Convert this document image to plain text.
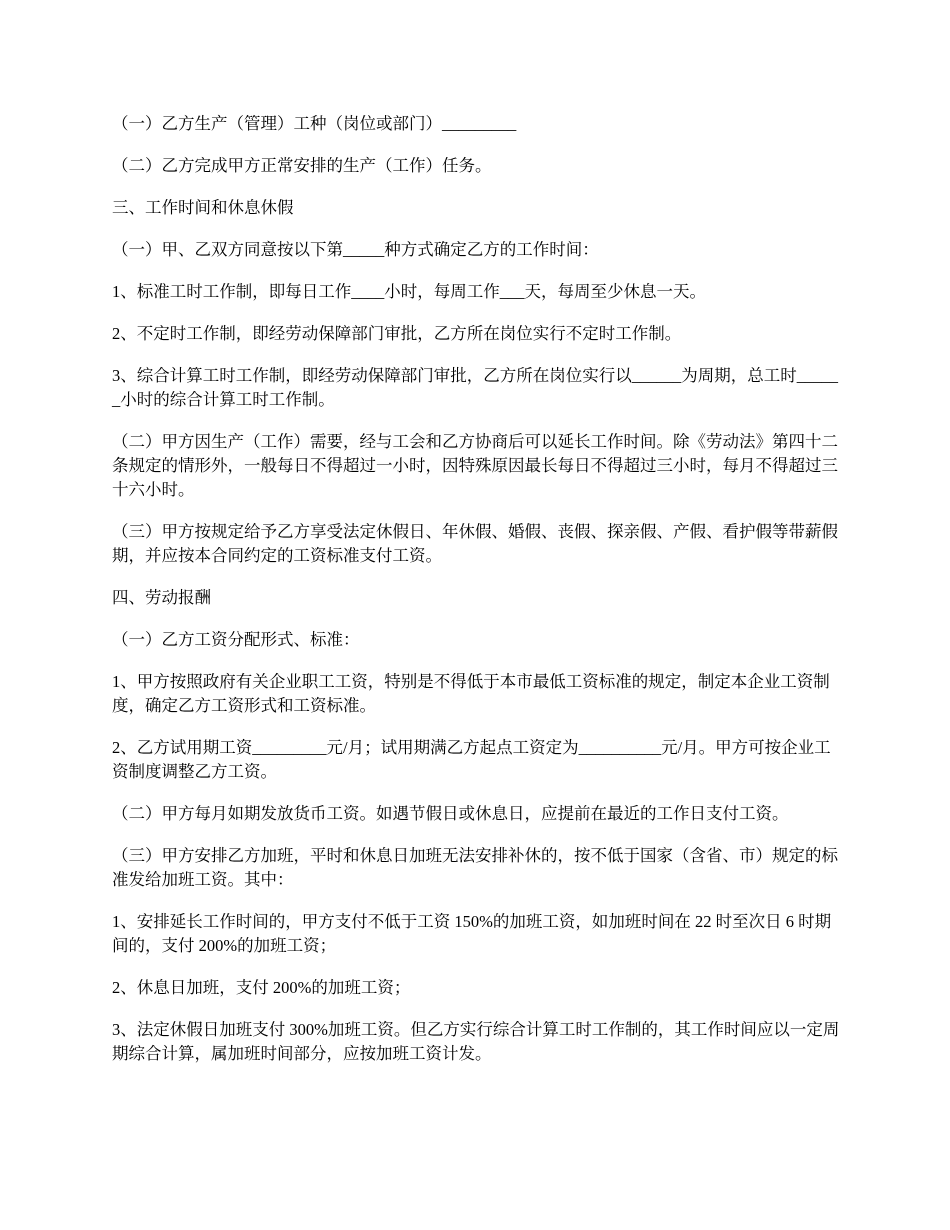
（一）乙方生产（管理）工种（岗位或部门）_________

（二）乙方完成甲方正常安排的生产（工作）任务。

三、工作时间和休息休假

（一）甲、乙双方同意按以下第_____种方式确定乙方的工作时间：

1、标准工时工作制，即每日工作____小时，每周工作___天，每周至少休息一天。

2、不定时工作制，即经劳动保障部门审批，乙方所在岗位实行不定时工作制。

3、综合计算工时工作制，即经劳动保障部门审批，乙方所在岗位实行以______为周期，总工时______小时的综合计算工时工作制。

（二）甲方因生产（工作）需要，经与工会和乙方协商后可以延长工作时间。除《劳动法》第四十二条规定的情形外，一般每日不得超过一小时，因特殊原因最长每日不得超过三小时，每月不得超过三十六小时。

（三）甲方按规定给予乙方享受法定休假日、年休假、婚假、丧假、探亲假、产假、看护假等带薪假期，并应按本合同约定的工资标准支付工资。

四、劳动报酬

（一）乙方工资分配形式、标准：

1、甲方按照政府有关企业职工工资，特别是不得低于本市最低工资标准的规定，制定本企业工资制度，确定乙方工资形式和工资标准。

2、乙方试用期工资_________元/月；试用期满乙方起点工资定为__________元/月。甲方可按企业工资制度调整乙方工资。

（二）甲方每月如期发放货币工资。如遇节假日或休息日，应提前在最近的工作日支付工资。

（三）甲方安排乙方加班，平时和休息日加班无法安排补休的，按不低于国家（含省、市）规定的标准发给加班工资。其中：

1、安排延长工作时间的，甲方支付不低于工资 150%的加班工资，如加班时间在 22 时至次日 6 时期间的，支付 200%的加班工资；

2、休息日加班，支付 200%的加班工资；

3、法定休假日加班支付 300%加班工资。但乙方实行综合计算工时工作制的，其工作时间应以一定周期综合计算，属加班时间部分，应按加班工资计发。
